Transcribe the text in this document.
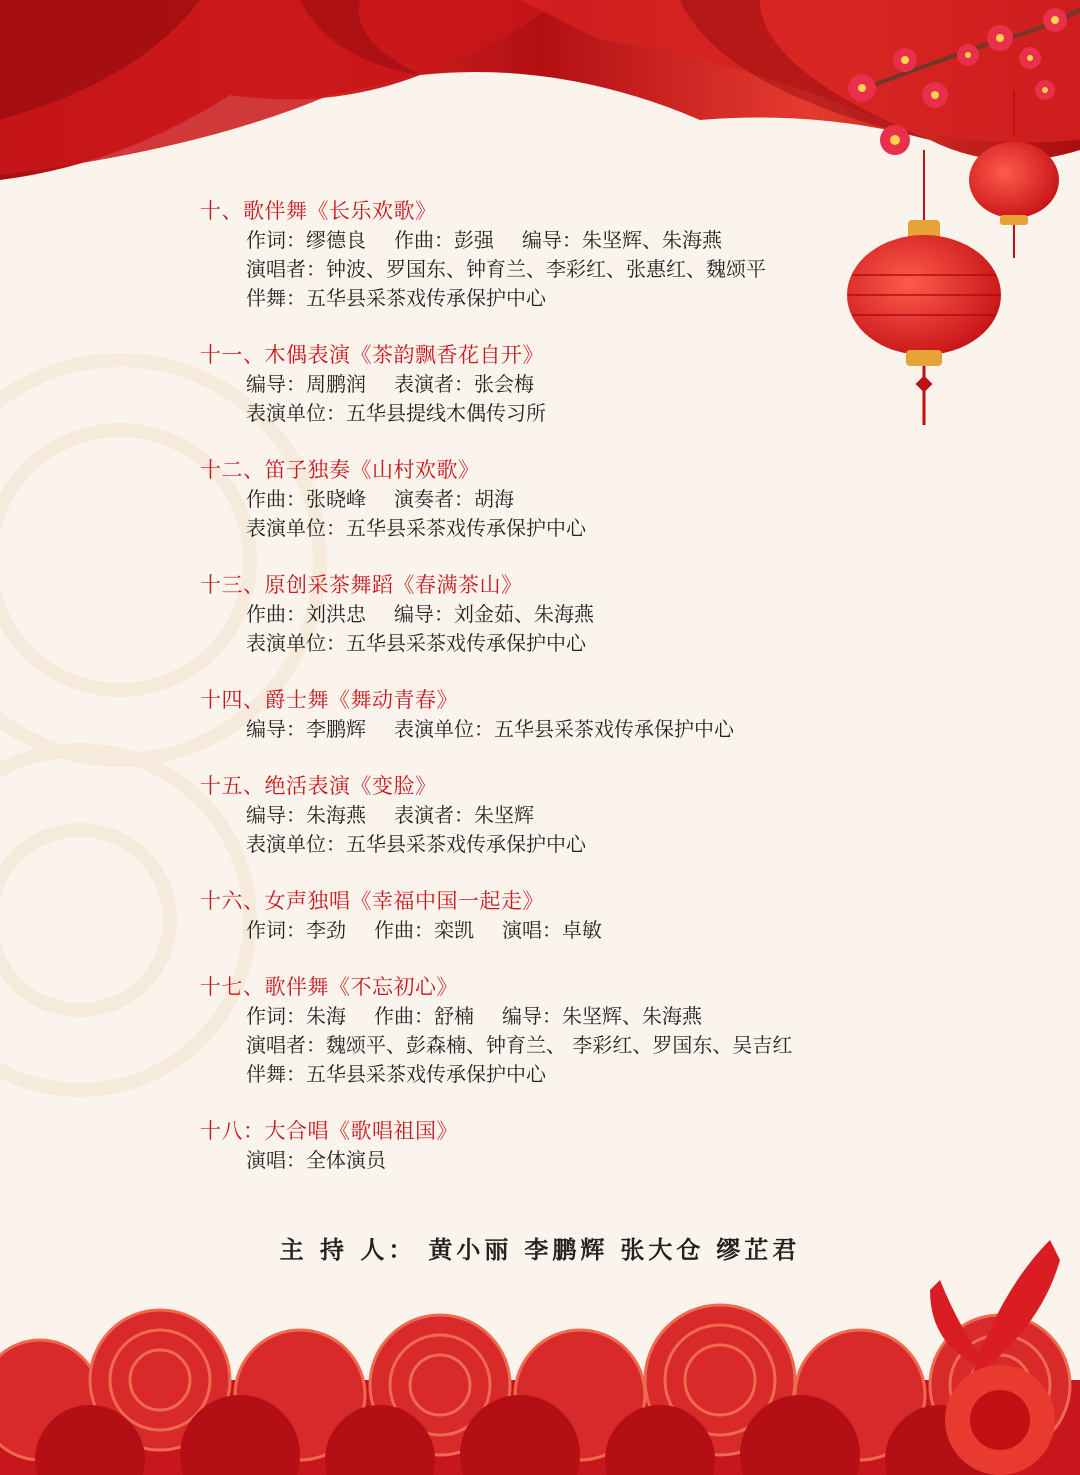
十、歌伴舞《长乐欢歌》
作词：缪德良 作曲：彭强 编导：朱坚辉、朱海燕
演唱者：钟波、罗国东、钟育兰、李彩红、张惠红、魏颂平
伴舞：五华县采茶戏传承保护中心
十一、木偶表演《茶韵飘香花自开》
编导：周鹏润 表演者：张会梅
表演单位：五华县提线木偶传习所
十二、笛子独奏《山村欢歌》
作曲：张晓峰 演奏者：胡海
表演单位：五华县采茶戏传承保护中心
十三、原创采茶舞蹈《春满茶山》
作曲：刘洪忠 编导：刘金茹、朱海燕
表演单位：五华县采茶戏传承保护中心
十四、爵士舞《舞动青春》
编导：李鹏辉 表演单位：五华县采茶戏传承保护中心
十五、绝活表演《变脸》
编导：朱海燕 表演者：朱坚辉
表演单位：五华县采茶戏传承保护中心
十六、女声独唱《幸福中国一起走》
作词：李劲 作曲：栾凯 演唱：卓敏
十七、歌伴舞《不忘初心》
作词：朱海 作曲：舒楠 编导：朱坚辉、朱海燕
演唱者：魏颂平、彭森楠、钟育兰、 李彩红、罗国东、吴吉红
伴舞：五华县采茶戏传承保护中心
十八：大合唱《歌唱祖国》
演唱：全体演员
主 持 人： 黄小丽 李鹏辉 张大仓 缪芷君
